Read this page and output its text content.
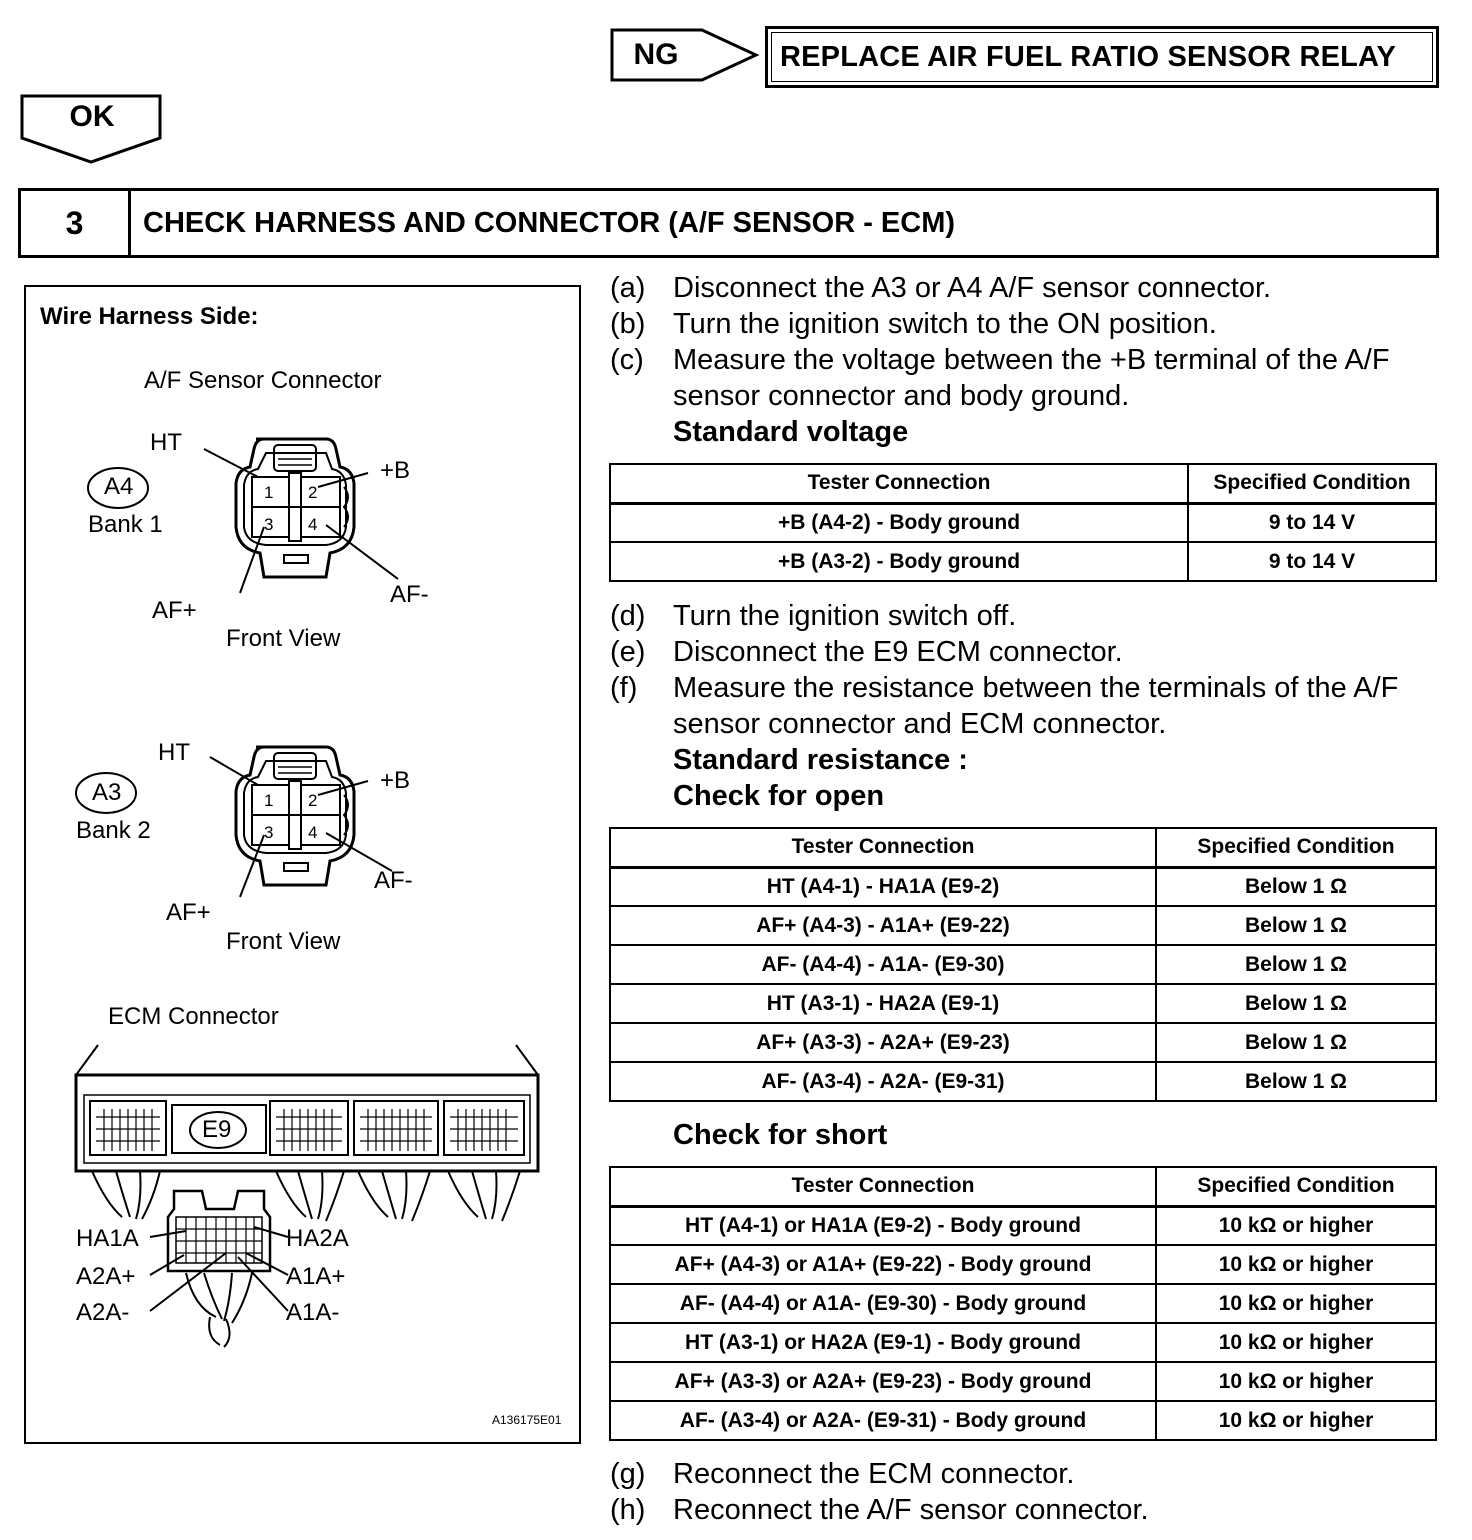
NG	REPLACE AIR FUEL RATIO SENSOR RELAY
OK
3	CHECK HARNESS AND CONNECTOR (A/F SENSOR - ECM)
Wire Harness Side:
A/F Sensor Connector
HT
A4
Bank 1
+B
AF+
AF-
Front View
1 2
3 4
HT
A3
Bank 2
+B
AF+
AF-
Front View
1 2
3 4
ECM Connector
E9
HA1A	HA2A
A2A+	A1A+
A2A-	A1A-
A136175E01
(a) Disconnect the A3 or A4 A/F sensor connector.
(b) Turn the ignition switch to the ON position.
(c)	Measure the voltage between the +B terminal of the A/F sensor connector and body ground.
Standard voltage
Tester Connection	Specified Condition
+B (A4-2) - Body ground	9 to 14 V
+B (A3-2) - Body ground	9 to 14 V
(d) Turn the ignition switch off.
(e) Disconnect the E9 ECM connector.
(f)	Measure the resistance between the terminals of the A/F sensor connector and ECM connector.
Standard resistance :
Check for open
Tester Connection	Specified Condition
HT (A4-1) - HA1A (E9-2)	Below 1 Ω
AF+ (A4-3) - A1A+ (E9-22)	Below 1 Ω
AF- (A4-4) - A1A- (E9-30)	Below 1 Ω
HT (A3-1) - HA2A (E9-1)	Below 1 Ω
AF+ (A3-3) - A2A+ (E9-23)	Below 1 Ω
AF- (A3-4) - A2A- (E9-31)	Below 1 Ω
Check for short
Tester Connection	Specified Condition
HT (A4-1) or HA1A (E9-2) - Body ground	10 kΩ or higher
AF+ (A4-3) or A1A+ (E9-22) - Body ground	10 kΩ or higher
AF- (A4-4) or A1A- (E9-30) - Body ground	10 kΩ or higher
HT (A3-1) or HA2A (E9-1) - Body ground	10 kΩ or higher
AF+ (A3-3) or A2A+ (E9-23) - Body ground	10 kΩ or higher
AF- (A3-4) or A2A- (E9-31) - Body ground	10 kΩ or higher
(g) Reconnect the ECM connector.
(h) Reconnect the A/F sensor connector.
